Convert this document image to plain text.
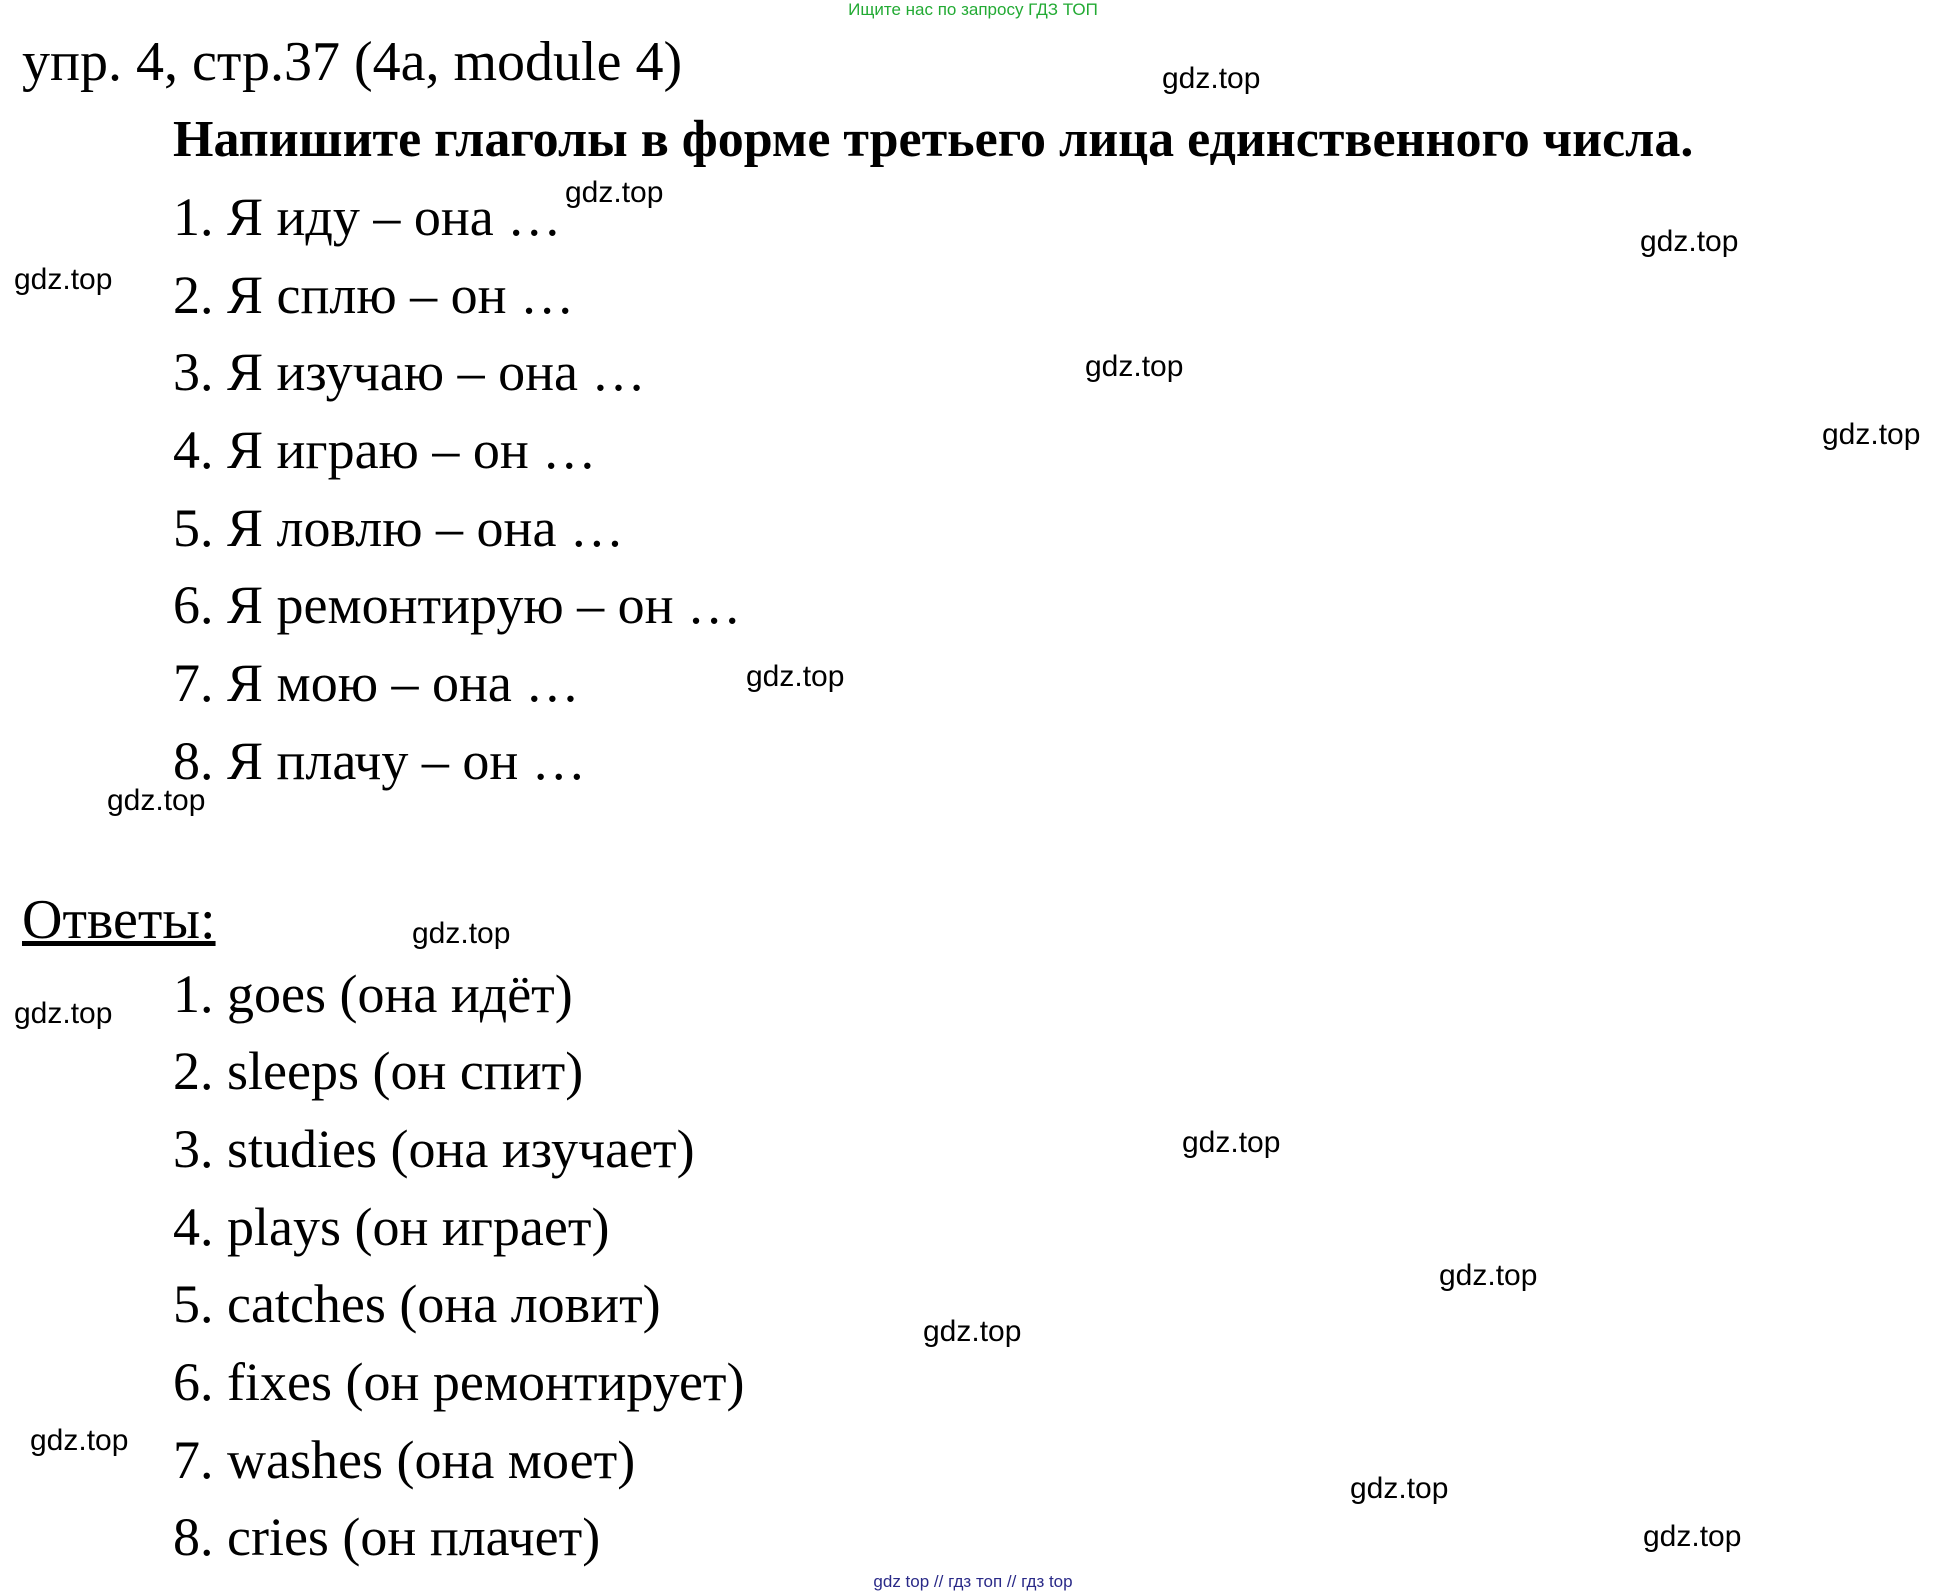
Ищите нас по запросу ГДЗ ТОП
упр. 4, стр.37 (4a, module 4)
Напишите глаголы в форме третьего лица единственного числа.
1. Я иду – она …
2. Я сплю – он …
3. Я изучаю – она …
4. Я играю – он …
5. Я ловлю – она …
6. Я ремонтирую – он …
7. Я мою – она …
8. Я плачу – он …
Ответы:
1. goes (она идёт)
2. sleeps (он спит)
3. studies (она изучает)
4. plays (он играет)
5. catches (она ловит)
6. fixes (он ремонтирует)
7. washes (она моет)
8. cries (он плачет)
gdz.top
gdz.top
gdz.top
gdz.top
gdz.top
gdz.top
gdz.top
gdz.top
gdz.top
gdz.top
gdz.top
gdz.top
gdz.top
gdz.top
gdz.top
gdz.top
gdz top // гдз топ // гдз top
